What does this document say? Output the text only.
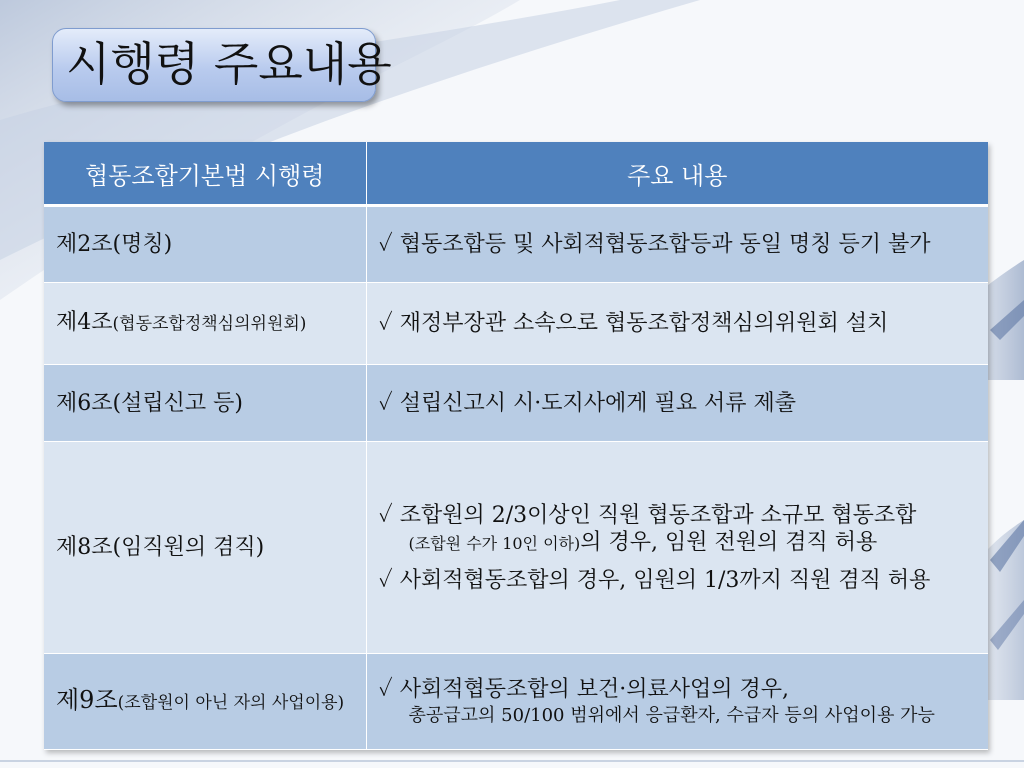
시행령 주요내용
협동조합기본법 시행령	주요 내용
제2조(명칭)	✓ 협동조합등 및 사회적협동조합등과 동일 명칭 등기 불가
제4조(협동조합정책심의위원회)	✓ 재정부장관 소속으로 협동조합정책심의위원회 설치
제6조(설립신고 등)	✓ 설립신고시 시·도지사에게 필요 서류 제출
제8조(임직원의 겸직)	✓ 조합원의 2/3이상인 직원 협동조합과 소규모 협동조합
(조합원 수가 10인 이하)의 경우, 임원 전원의 겸직 허용
✓ 사회적협동조합의 경우, 임원의 1/3까지 직원 겸직 허용

제9조(조합원이 아닌 자의 사업이용)	✓ 사회적협동조합의 보건·의료사업의 경우,
총공급고의 50/100 범위에서 응급환자, 수급자 등의 사업이용 가능
